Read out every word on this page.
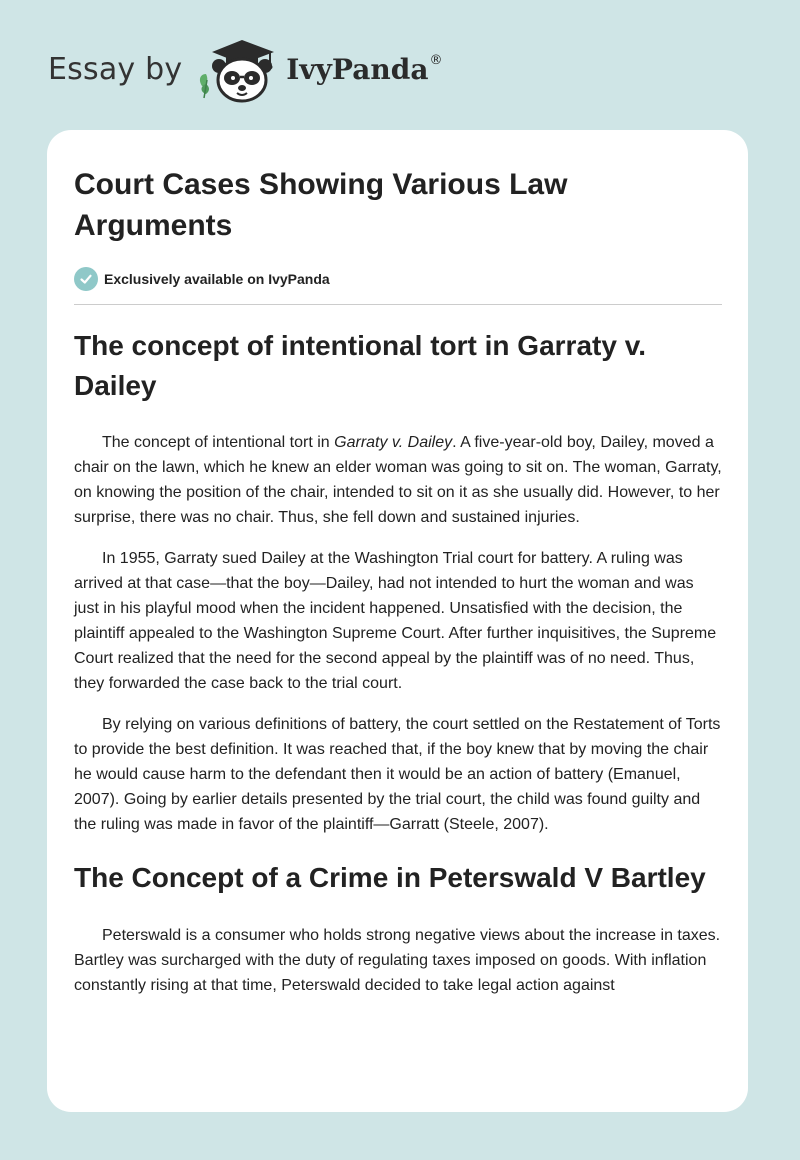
Essay by	IvyPanda®
Court Cases Showing Various Law Arguments
Exclusively available on IvyPanda
The concept of intentional tort in Garraty v. Dailey

The concept of intentional tort in Garraty v. Dailey. A five-year-old boy, Dailey, moved a chair on the lawn, which he knew an elder woman was going to sit on. The woman, Garraty, on knowing the position of the chair, intended to sit on it as she usually did. However, to her surprise, there was no chair. Thus, she fell down and sustained injuries.

In 1955, Garraty sued Dailey at the Washington Trial court for battery. A ruling was arrived at that case—that the boy—Dailey, had not intended to hurt the woman and was just in his playful mood when the incident happened. Unsatisfied with the decision, the plaintiff appealed to the Washington Supreme Court. After further inquisitives, the Supreme Court realized that the need for the second appeal by the plaintiff was of no need. Thus, they forwarded the case back to the trial court.

By relying on various definitions of battery, the court settled on the Restatement of Torts to provide the best definition. It was reached that, if the boy knew that by moving the chair he would cause harm to the defendant then it would be an action of battery (Emanuel, 2007). Going by earlier details presented by the trial court, the child was found guilty and the ruling was made in favor of the plaintiff—Garratt (Steele, 2007).

The Concept of a Crime in Peterswald V Bartley

Peterswald is a consumer who holds strong negative views about the increase in taxes. Bartley was surcharged with the duty of regulating taxes imposed on goods. With inflation constantly rising at that time, Peterswald decided to take legal action against
